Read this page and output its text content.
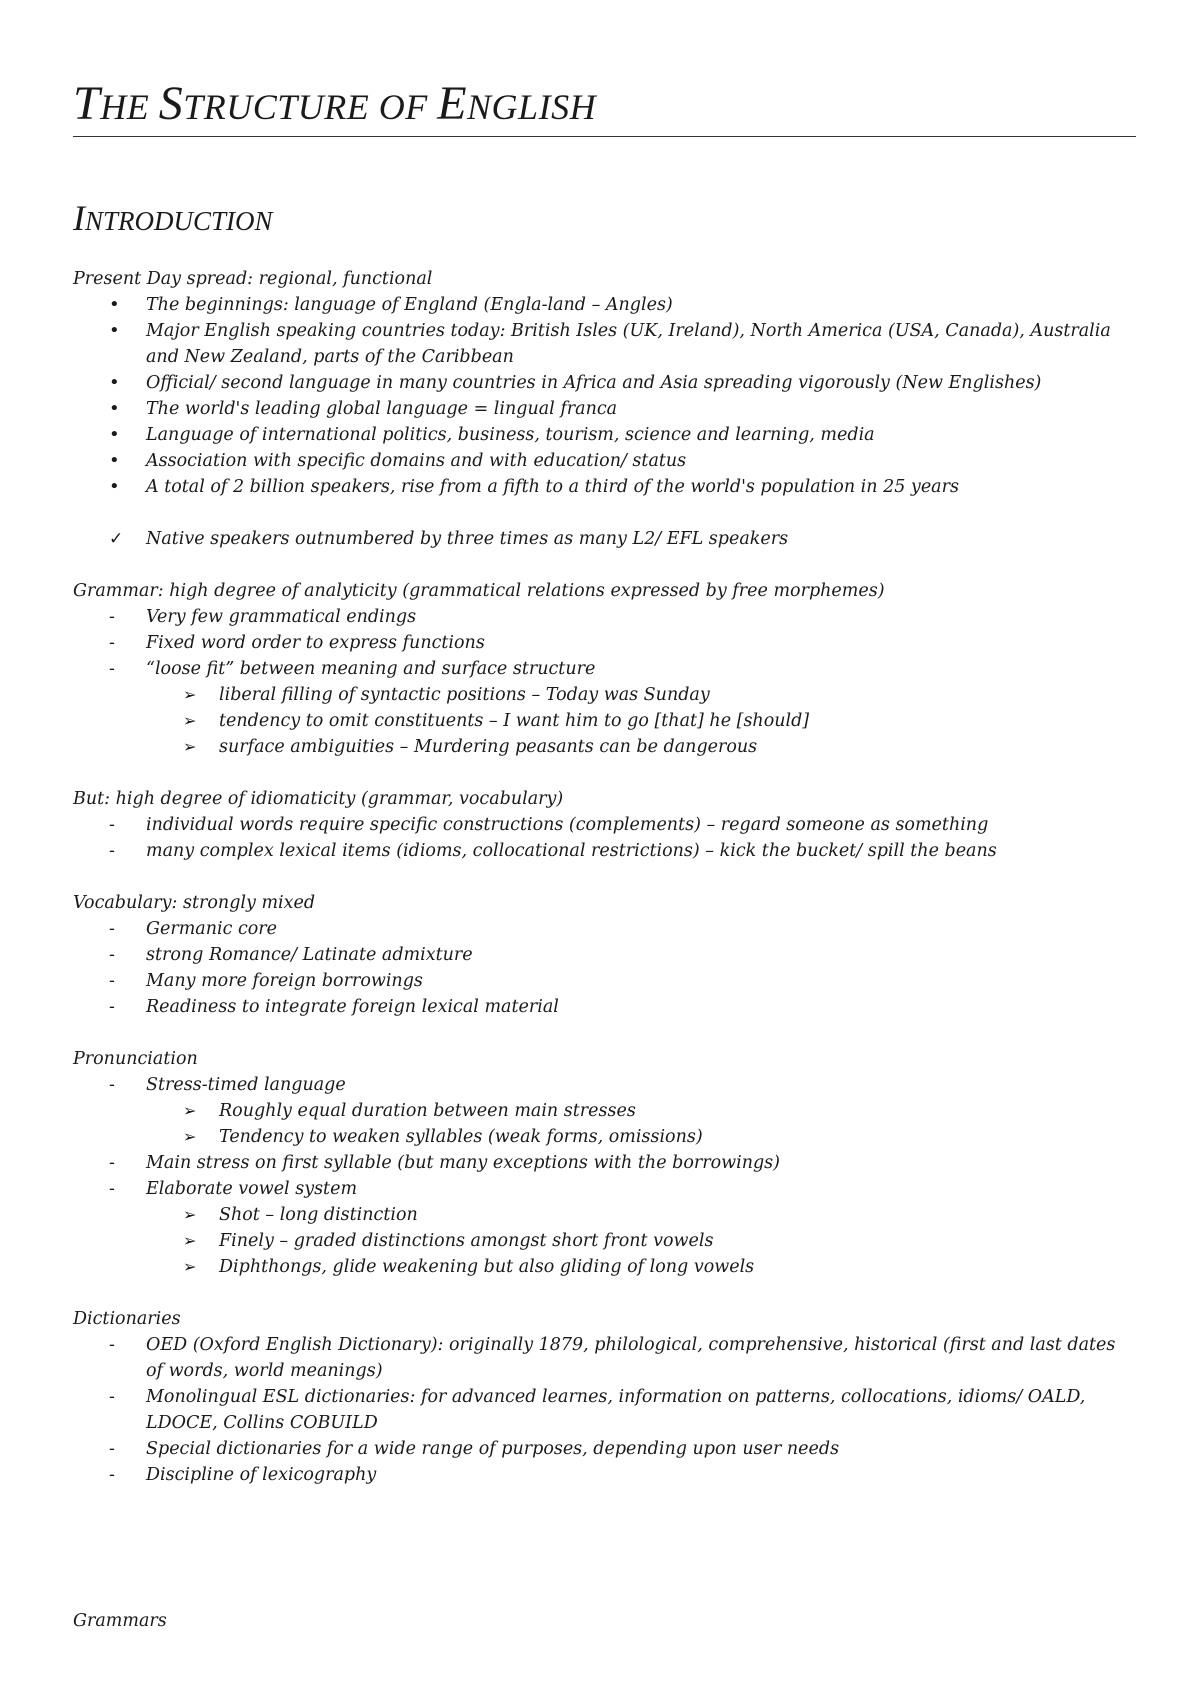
THE STRUCTURE OF ENGLISH
INTRODUCTION

Present Day spread: regional, functional

•
The beginnings: language of England (Engla-land – Angles)
•
Major English speaking countries today: British Isles (UK, Ireland), North America (USA, Canada), Australia and New Zealand, parts of the Caribbean
•
Official/ second language in many countries in Africa and Asia spreading vigorously (New Englishes)
•
The world's leading global language = lingual franca
•
Language of international politics, business, tourism, science and learning, media
•
Association with specific domains and with education/ status
•
A total of 2 billion speakers, rise from a fifth to a third of the world's population in 25 years
✓
Native speakers outnumbered by three times as many L2/ EFL speakers

Grammar: high degree of analyticity (grammatical relations expressed by free morphemes)

-
Very few grammatical endings
-
Fixed word order to express functions
-
“loose fit” between meaning and surface structure
➢
liberal filling of syntactic positions – Today was Sunday
➢
tendency to omit constituents – I want him to go [that] he [should]
➢
surface ambiguities – Murdering peasants can be dangerous

But: high degree of idiomaticity (grammar, vocabulary)

-
individual words require specific constructions (complements) – regard someone as something
-
many complex lexical items (idioms, collocational restrictions) – kick the bucket/ spill the beans

Vocabulary: strongly mixed

-
Germanic core
-
strong Romance/ Latinate admixture
-
Many more foreign borrowings
-
Readiness to integrate foreign lexical material

Pronunciation

-
Stress-timed language
➢
Roughly equal duration between main stresses
➢
Tendency to weaken syllables (weak forms, omissions)
-
Main stress on first syllable (but many exceptions with the borrowings)
-
Elaborate vowel system
➢
Shot – long distinction
➢
Finely – graded distinctions amongst short front vowels
➢
Diphthongs, glide weakening but also gliding of long vowels

Dictionaries

-
OED (Oxford English Dictionary): originally 1879, philological, comprehensive, historical (first and last dates of words, world meanings)
-
Monolingual ESL dictionaries: for advanced learnes, information on patterns, collocations, idioms/ OALD, LDOCE, Collins COBUILD
-
Special dictionaries for a wide range of purposes, depending upon user needs
-
Discipline of lexicography

Grammars
